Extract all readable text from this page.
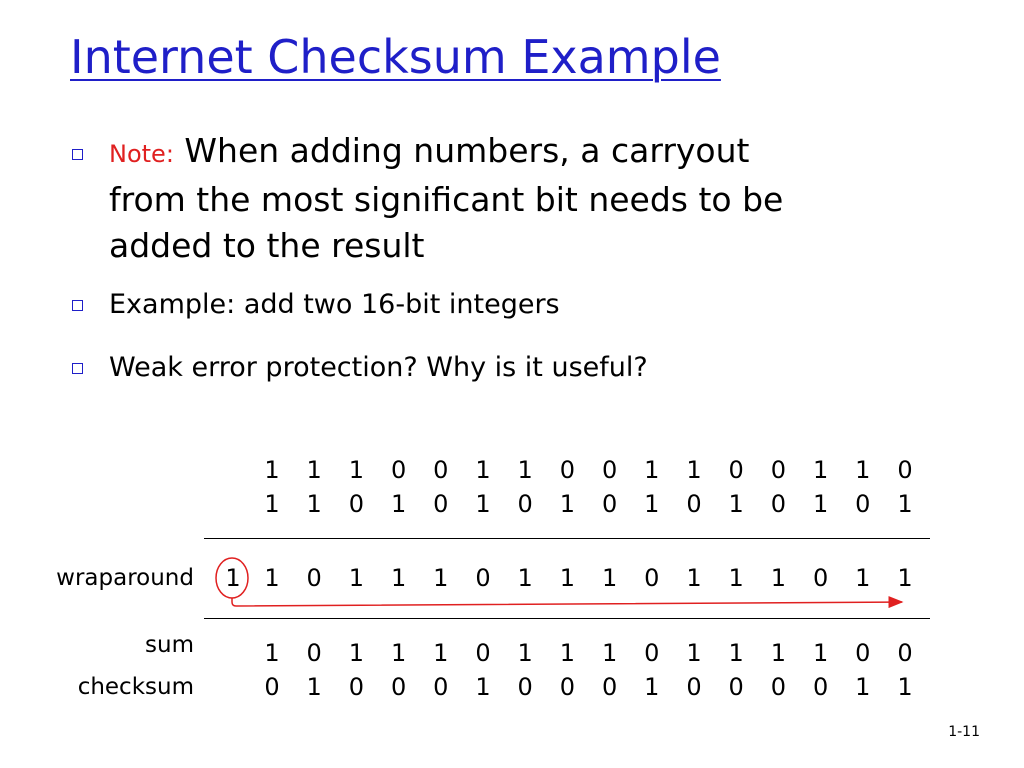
Internet Checksum Example
Note: When adding numbers, a carryout
from the most significant bit needs to be
added to the result
Example: add two 16-bit integers
Weak error protection? Why is it useful?
1 1 1 0 0 1 1 0 0 1 1 0 0 1 1 0
1 1 0 1 0 1 0 1 0 1 0 1 0 1 0 1
wraparound 1 1 0 1 1 1 0 1 1 1 0 1 1 1 0 1 1
sum	1 0 1 1 1 0 1 1 1 0 1 1 1 1 0 0
checksum	0 1 0 0 0 1 0 0 0 1 0 0 0 0 1 1
1-11
